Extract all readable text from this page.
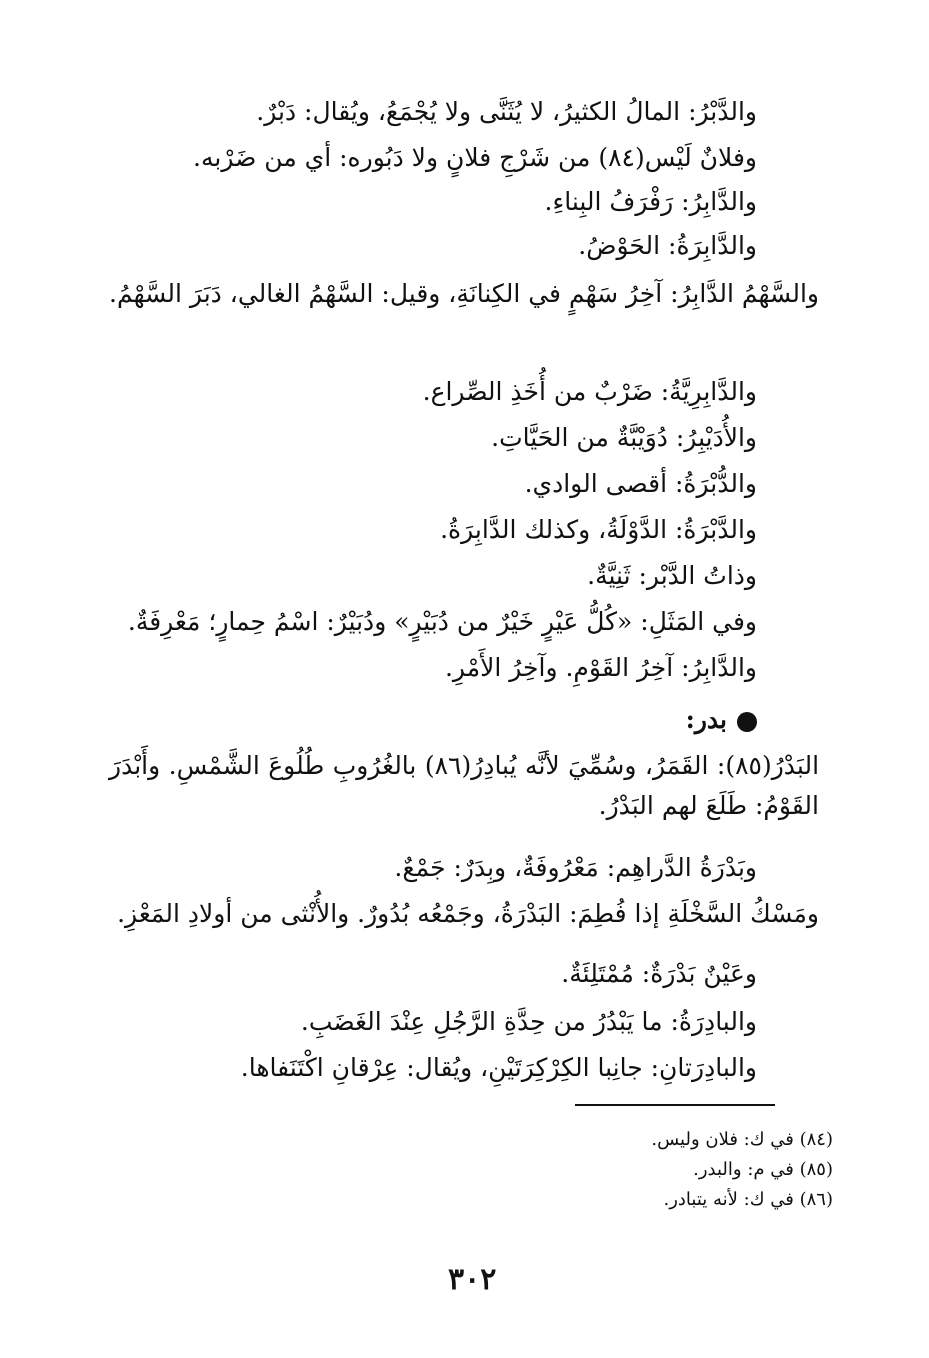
والدَّبْرُ: المالُ الكثيرُ، لا يُثَنَّى ولا يُجْمَعُ، ويُقال: دَبْرٌ.
وفلانٌ لَيْس(٨٤) من شَرْجِ فلانٍ ولا دَبُوره: أي من ضَرْبه.
والدَّابِرُ: رَفْرَفُ البِناءِ.
والدَّابِرَةُ: الحَوْضُ.
والسَّهْمُ الدَّابِرُ: آخِرُ سَهْمٍ في الكِنانَةِ، وقيل: السَّهْمُ الغالي، دَبَرَ السَّهْمُ.
والدَّابِرِيَّةُ: ضَرْبٌ من أُخَذِ الصِّراع.
والأُدَيْبِرُ: دُوَيْبَّةٌ من الحَيَّاتِ.
والدُّبْرَةُ: أقصى الوادي.
والدَّبْرَةُ: الدَّوْلَةُ، وكذلك الدَّابِرَةُ.
وذاتُ الدَّبْر: ثَنِيَّةٌ.
وفي المَثَلِ: «كُلُّ عَيْرٍ خَيْرٌ من دُبَيْرٍ» ودُبَيْرٌ: اسْمُ حِمارٍ؛ مَعْرِفَةٌ.
والدَّابِرُ: آخِرُ القَوْمِ. وآخِرُ الأَمْرِ.
بدر:
البَدْرُ(٨٥): القَمَرُ، وسُمِّيَ لأنَّه يُبادِرُ(٨٦) بالغُرُوبِ طُلُوعَ الشَّمْسِ. وأَبْدَرَ القَوْمُ: طَلَعَ لهم البَدْرُ.
وبَدْرَةُ الدَّراهِم: مَعْرُوفَةٌ، وبِدَرٌ: جَمْعٌ.
ومَسْكُ السَّخْلَةِ إذا فُطِمَ: البَدْرَةُ، وجَمْعُه بُدُورٌ. والأُنْثى من أولادِ المَعْزِ.
وعَيْنٌ بَدْرَةٌ: مُمْتَلِئَةٌ.
والبادِرَةُ: ما يَبْدُرُ من حِدَّةِ الرَّجُلِ عِنْدَ الغَضَبِ.
والبادِرَتانِ: جانِبا الكِرْكِرَتَيْنِ، ويُقال: عِرْقانِ اكْتَنَفاها.
(٨٤) في ك: فلان وليس.
(٨٥) في م: والبدر.
(٨٦) في ك: لأنه يتبادر.
٣٠٢
